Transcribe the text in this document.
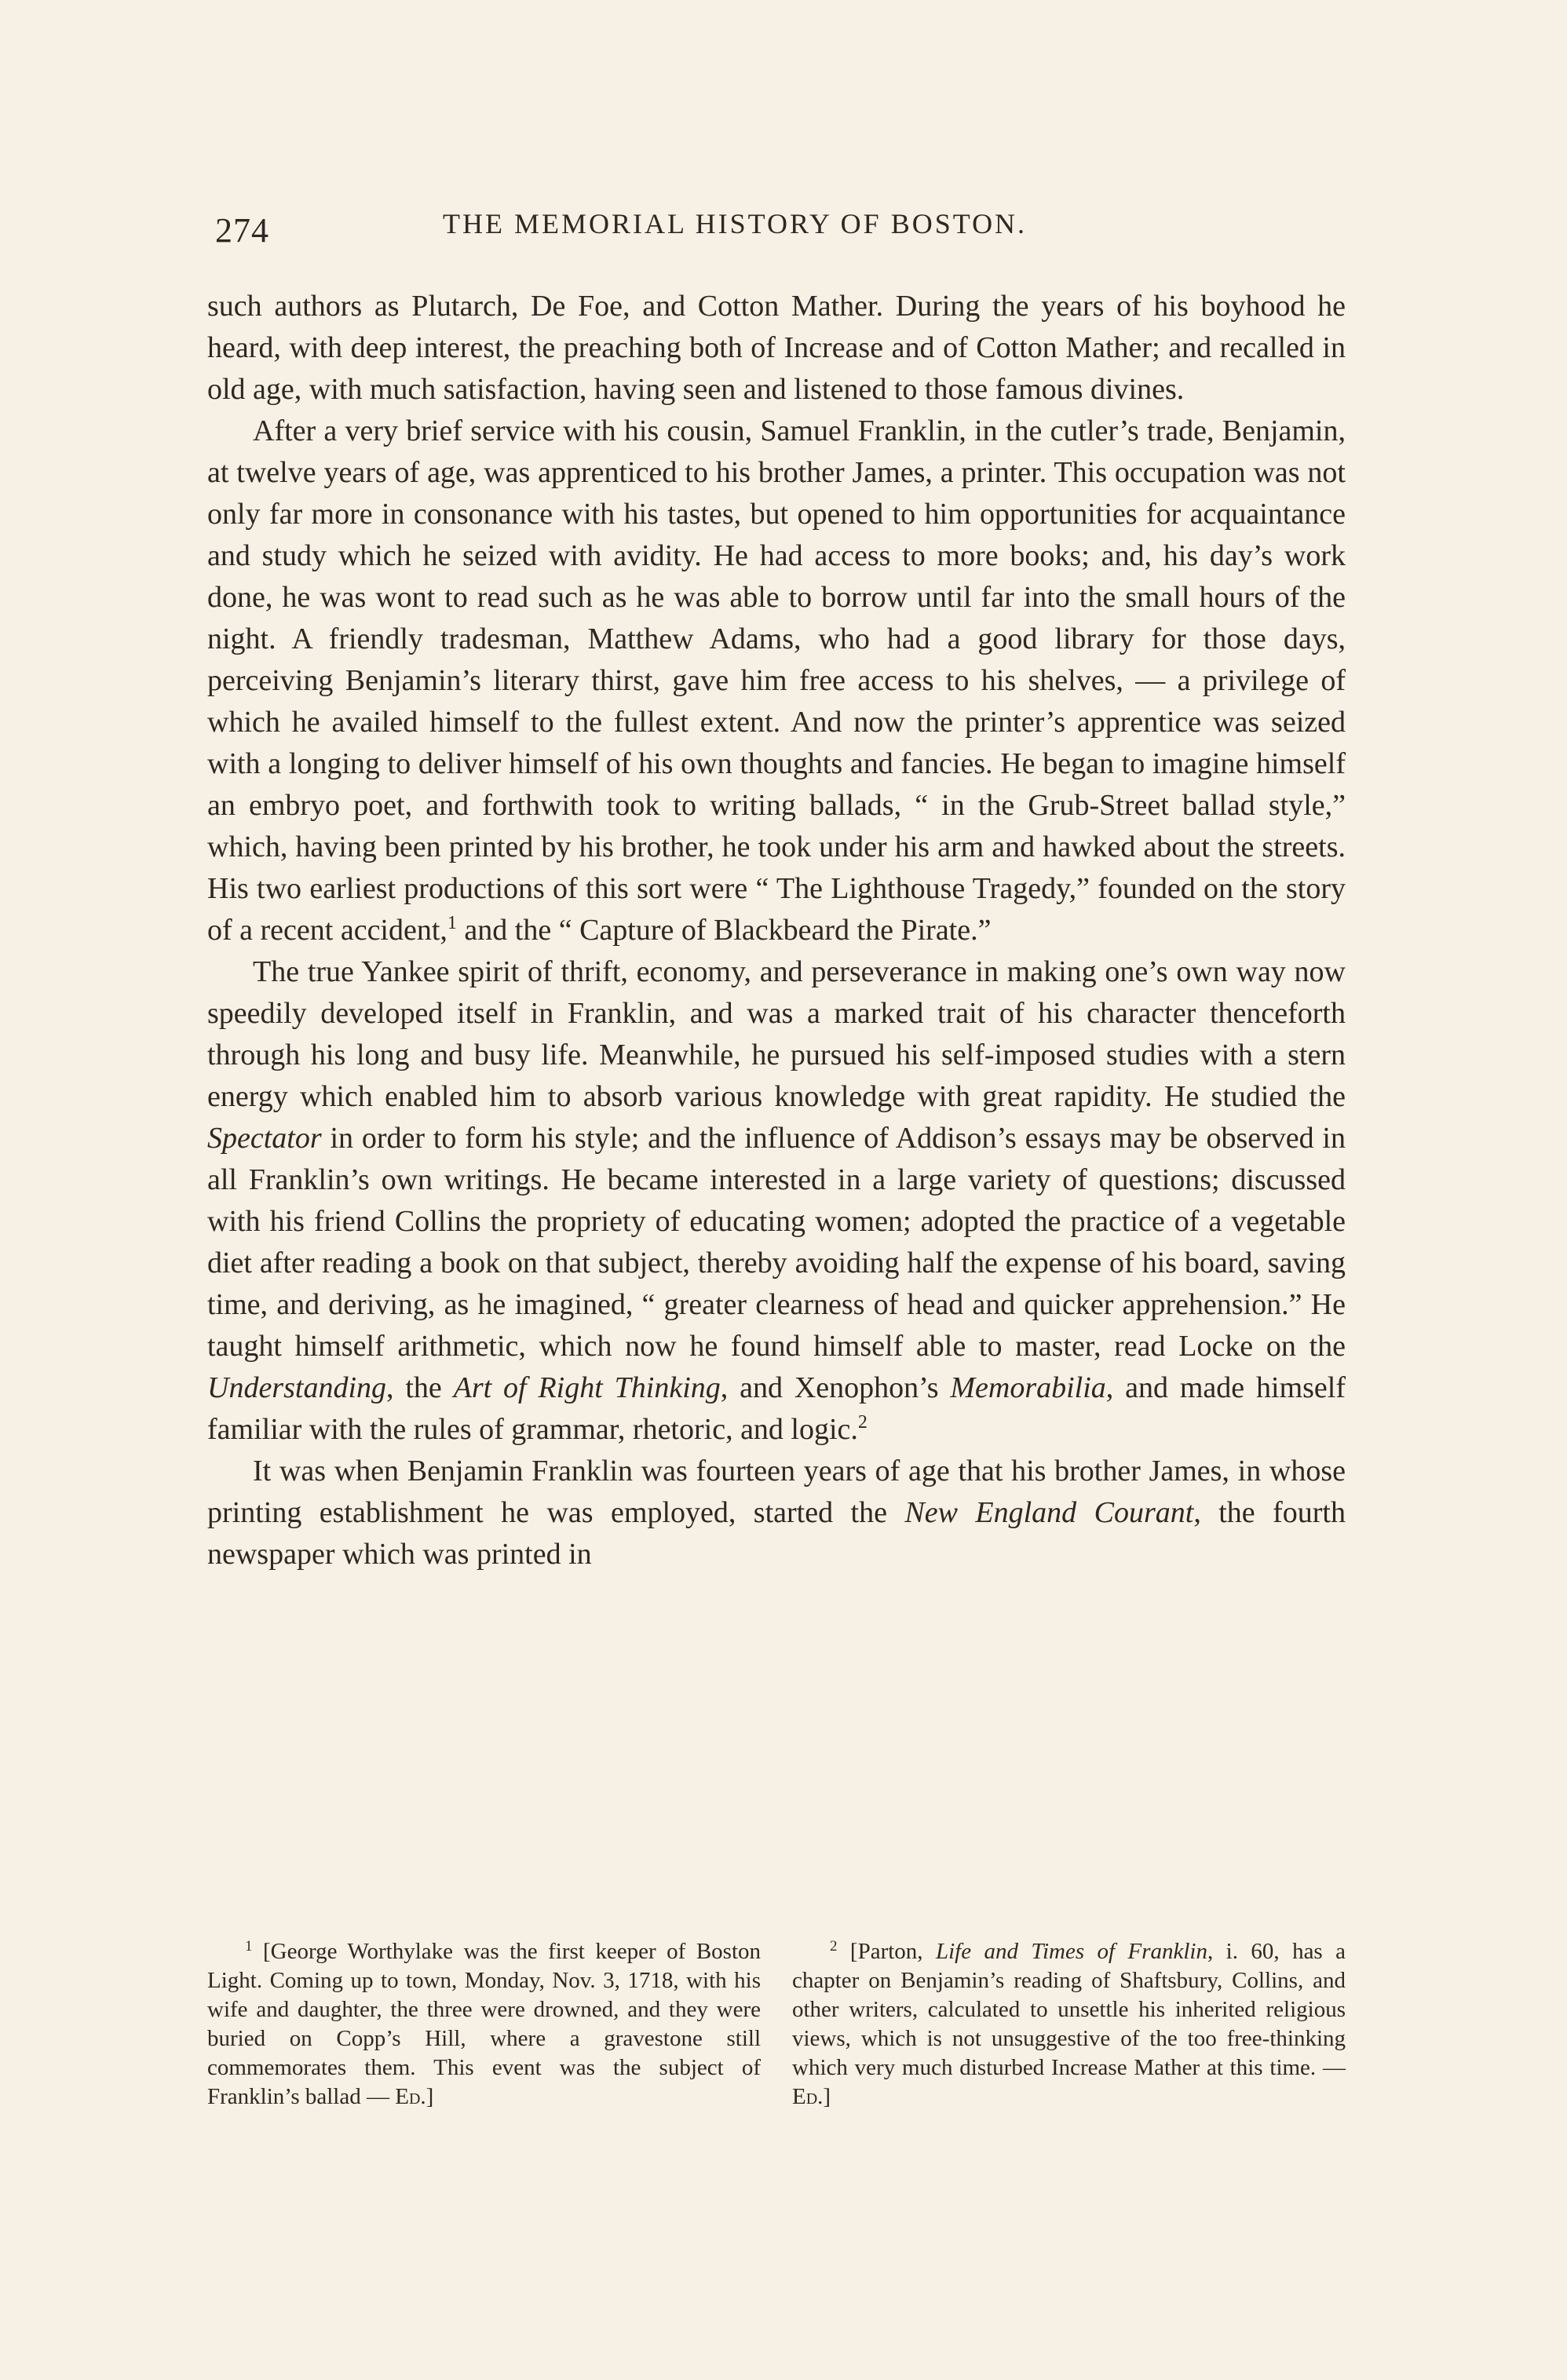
274	THE MEMORIAL HISTORY OF BOSTON.

such authors as Plutarch, De Foe, and Cotton Mather. During the years of his boyhood he heard, with deep interest, the preaching both of Increase and of Cotton Mather; and recalled in old age, with much satisfaction, having seen and listened to those famous divines.

After a very brief service with his cousin, Samuel Franklin, in the cutler’s trade, Benjamin, at twelve years of age, was apprenticed to his brother James, a printer. This occupation was not only far more in consonance with his tastes, but opened to him opportunities for acquaintance and study which he seized with avidity. He had access to more books; and, his day’s work done, he was wont to read such as he was able to borrow until far into the small hours of the night. A friendly tradesman, Matthew Adams, who had a good library for those days, perceiving Benjamin’s literary thirst, gave him free access to his shelves, — a privilege of which he availed himself to the fullest extent. And now the printer’s apprentice was seized with a longing to deliver himself of his own thoughts and fancies. He began to imagine himself an embryo poet, and forthwith took to writing ballads, “ in the Grub-Street ballad style,” which, having been printed by his brother, he took under his arm and hawked about the streets. His two earliest productions of this sort were “ The Lighthouse Tragedy,” founded on the story of a recent accident,$^1$ and the “ Capture of Blackbeard the Pirate.”

The true Yankee spirit of thrift, economy, and perseverance in making one’s own way now speedily developed itself in Franklin, and was a marked trait of his character thenceforth through his long and busy life. Meanwhile, he pursued his self-imposed studies with a stern energy which enabled him to absorb various knowledge with great rapidity. He studied the Spectator in order to form his style; and the influence of Addison’s essays may be observed in all Franklin’s own writings. He became interested in a large variety of questions; discussed with his friend Collins the propriety of educating women; adopted the practice of a vegetable diet after reading a book on that subject, thereby avoiding half the expense of his board, saving time, and deriving, as he imagined, “ greater clearness of head and quicker apprehension.” He taught himself arithmetic, which now he found himself able to master, read Locke on the Understanding, the Art of Right Thinking, and Xenophon’s Memorabilia, and made himself familiar with the rules of grammar, rhetoric, and logic.$^2$

It was when Benjamin Franklin was fourteen years of age that his brother James, in whose printing establishment he was employed, started the New England Courant, the fourth newspaper which was printed in

$^1$ [George Worthylake was the first keeper of Boston Light. Coming up to town, Monday, Nov. 3, 1718, with his wife and daughter, the three were drowned, and they were buried on Copp’s Hill, where a gravestone still commemorates them. This event was the subject of Franklin’s ballad — Ed.]
$^2$ [Parton, Life and Times of Franklin, i. 60, has a chapter on Benjamin’s reading of Shaftsbury, Collins, and other writers, calculated to unsettle his inherited religious views, which is not unsuggestive of the too free-thinking which very much disturbed Increase Mather at this time. — Ed.]
